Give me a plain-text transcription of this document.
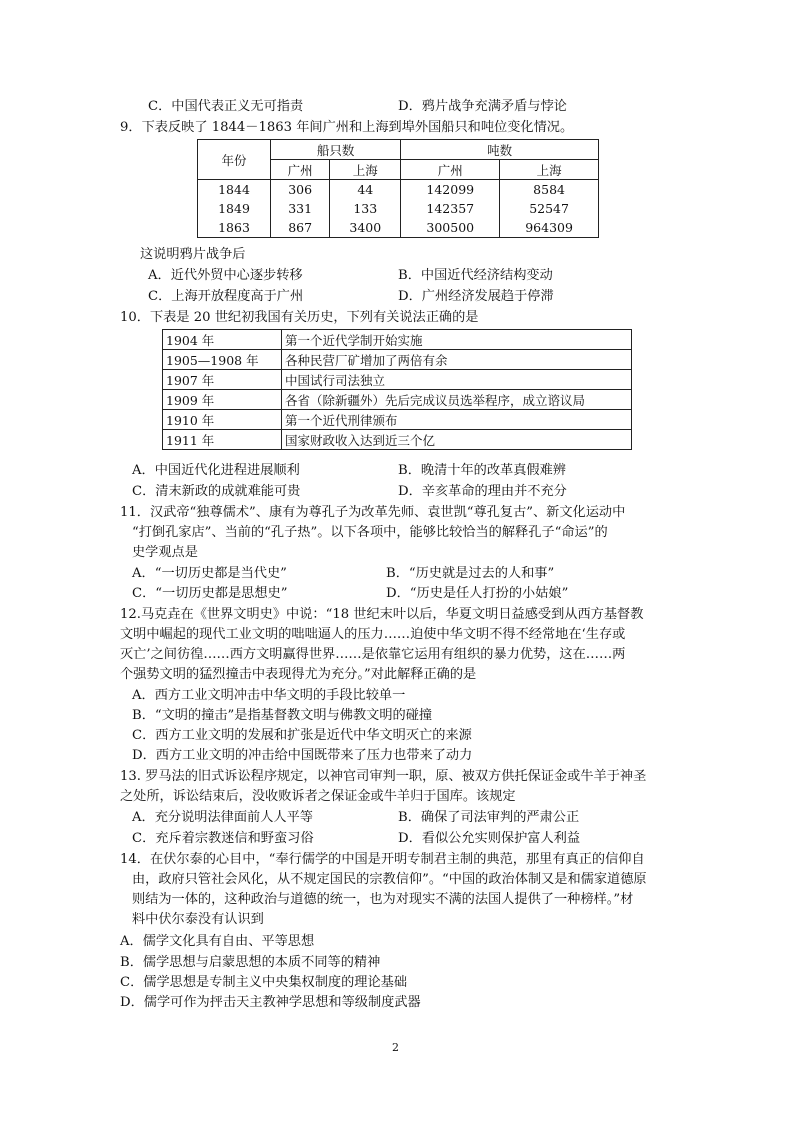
C．中国代表正义无可指责	D．鸦片战争充满矛盾与悖论
9．下表反映了 1844－1863 年间广州和上海到埠外国船只和吨位变化情况。
年份	船只数		吨数	
	广州	上海	广州	上海
1844	306	44	142099	8584
1849	331	133	142357	52547
1863	867	3400	300500	964309
这说明鸦片战争后
A．近代外贸中心逐步转移	B．中国近代经济结构变动
C．上海开放程度高于广州	D．广州经济发展趋于停滞
10．下表是 20 世纪初我国有关历史，下列有关说法正确的是
1904 年	第一个近代学制开始实施
1905—1908 年	各种民营厂矿增加了两倍有余
1907 年	中国试行司法独立
1909 年	各省（除新疆外）先后完成议员选举程序，成立谘议局
1910 年	第一个近代刑律颁布
1911 年	国家财政收入达到近三个亿
A．中国近代化进程进展顺利	B．晚清十年的改革真假难辨
C．清末新政的成就难能可贵	D．辛亥革命的理由并不充分
11．汉武帝“独尊儒术”、康有为尊孔子为改革先师、袁世凯“尊孔复古”、新文化运动中
“打倒孔家店”、当前的“孔子热”。以下各项中，能够比较恰当的解释孔子“命运”的
史学观点是
A．“一切历史都是当代史”	B．“历史就是过去的人和事”
C．“一切历史都是思想史”	D．“历史是任人打扮的小姑娘”
12.马克垚在《世界文明史》中说：“18 世纪末叶以后，华夏文明日益感受到从西方基督教
文明中崛起的现代工业文明的咄咄逼人的压力……迫使中华文明不得不经常地在‘生存或
灭亡’之间彷徨……西方文明赢得世界……是依靠它运用有组织的暴力优势，这在……两
个强势文明的猛烈撞击中表现得尤为充分。”对此解释正确的是
A．西方工业文明冲击中华文明的手段比较单一
B．“文明的撞击”是指基督教文明与佛教文明的碰撞
C．西方工业文明的发展和扩张是近代中华文明灭亡的来源
D．西方工业文明的冲击给中国既带来了压力也带来了动力
13. 罗马法的旧式诉讼程序规定，以神官司审判一职，原、被双方供托保证金或牛羊于神圣
之处所，诉讼结束后，没收败诉者之保证金或牛羊归于国库。该规定
A．充分说明法律面前人人平等	B．确保了司法审判的严肃公正
C．充斥着宗教迷信和野蛮习俗	D．看似公允实则保护富人利益
14．在伏尔泰的心目中，“奉行儒学的中国是开明专制君主制的典范，那里有真正的信仰自
由，政府只管社会风化，从不规定国民的宗教信仰”。“中国的政治体制又是和儒家道德原
则结为一体的，这种政治与道德的统一，也为对现实不满的法国人提供了一种榜样。”材
料中伏尔泰没有认识到
A．儒学文化具有自由、平等思想
B．儒学思想与启蒙思想的本质不同等的精神
C．儒学思想是专制主义中央集权制度的理论基础
D．儒学可作为抨击天主教神学思想和等级制度武器
2
